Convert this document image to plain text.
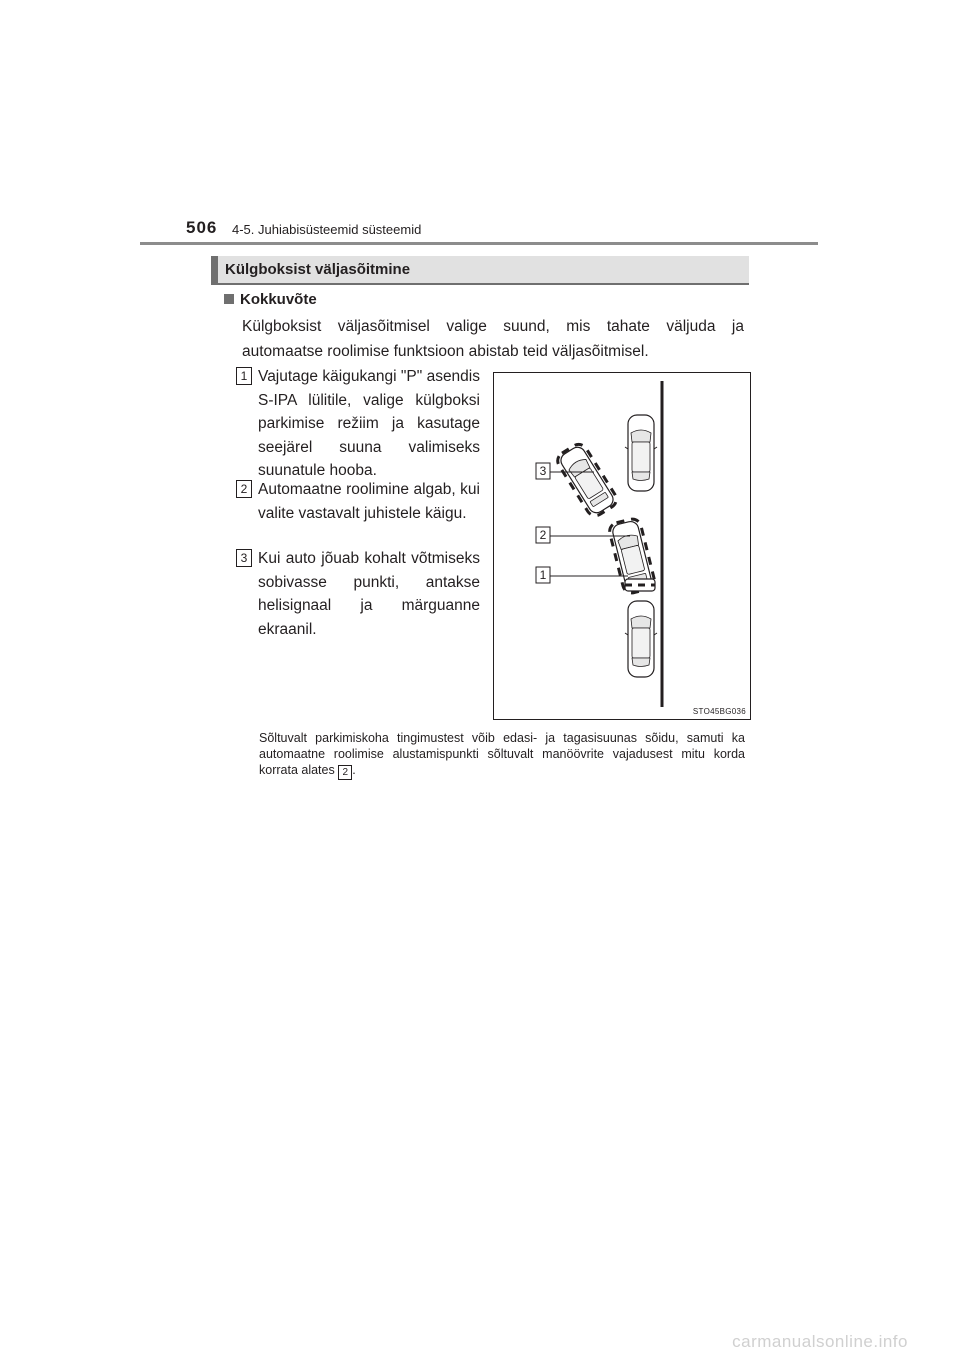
506 4-5. Juhiabisüsteemid süsteemid
Külgboksist väljasõitmine
Kokkuvõte
Külgboksist väljasõitmisel valige suund, mis tahate väljuda ja automaatse roolimise funktsioon abistab teid väljasõitmisel.
1 Vajutage käigukangi "P" asendis S-IPA lülitile, valige külgboksi parkimise režiim ja kasutage seejärel suuna valimiseks suunatule hooba.
2 Automaatne roolimine algab, kui valite vastavalt juhistele käigu.
3 Kui auto jõuab kohalt võtmiseks sobivasse punkti, antakse helisignaal ja märguanne ekraanil.
3
2
1
STO45BG036
Sõltuvalt parkimiskoha tingimustest võib edasi- ja tagasisuunas sõidu, samuti ka automaatne roolimise alustamispunkti sõltuvalt manöövrite vajadusest mitu korda korrata alates 2 .
carmanualsonline.info
